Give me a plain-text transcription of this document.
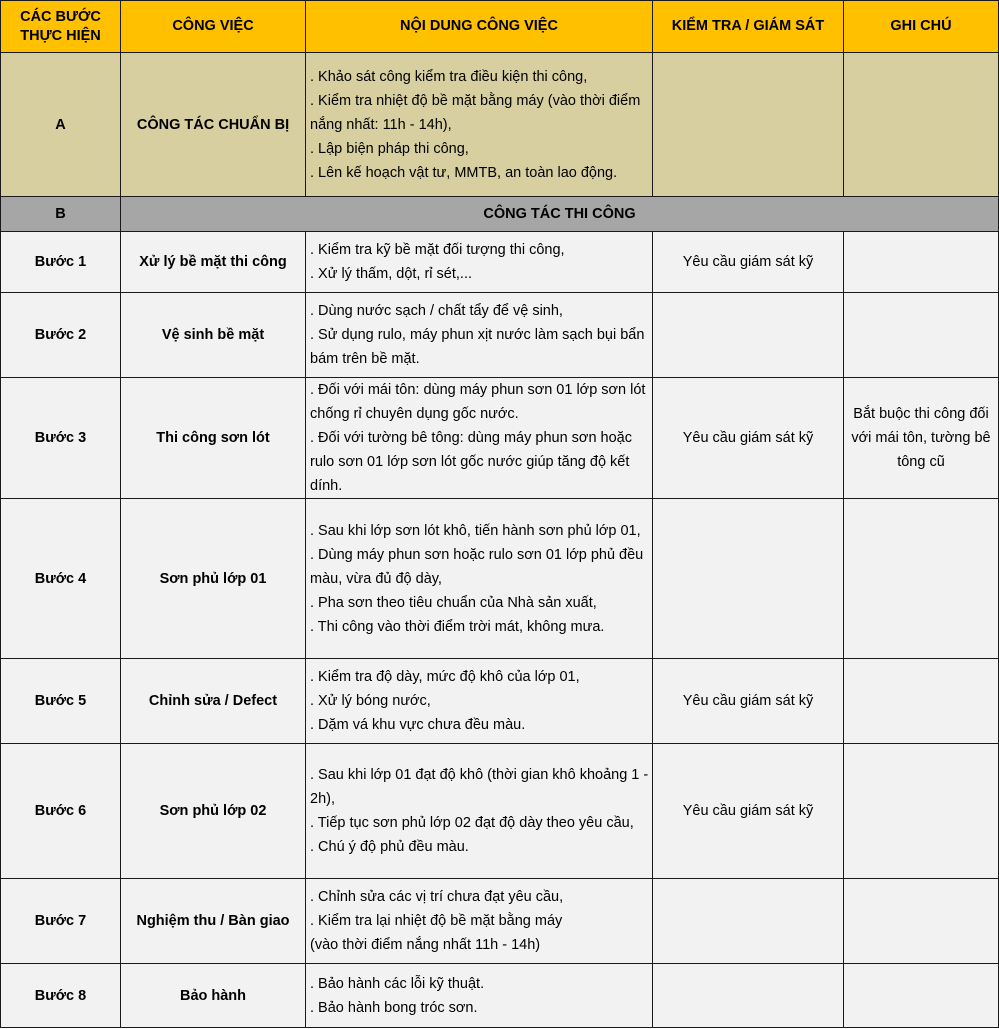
CÁC BƯỚC THỰC HIỆN	CÔNG VIỆC	NỘI DUNG CÔNG VIỆC	KIỂM TRA / GIÁM SÁT	GHI CHÚ
A	CÔNG TÁC CHUẨN BỊ	. Khảo sát công kiểm tra điều kiện thi công,
. Kiểm tra nhiệt độ bề mặt bằng máy (vào thời điểm nắng nhất: 11h - 14h),
. Lập biện pháp thi công,
. Lên kế hoạch vật tư, MMTB, an toàn lao động.		

B	CÔNG TÁC THI CÔNG			
Bước 1	Xử lý bề mặt thi công	. Kiểm tra kỹ bề mặt đối tượng thi công,
. Xử lý thấm, dột, rỉ sét,...	Yêu cầu giám sát kỹ	
Bước 2	Vệ sinh bề mặt	. Dùng nước sạch / chất tẩy để vệ sinh,
. Sử dụng rulo, máy phun xịt nước làm sạch bụi bẩn bám trên bề mặt.		

Bước 3	Thi công sơn lót	. Đối với mái tôn: dùng máy phun sơn 01 lớp sơn lót chống rỉ chuyên dụng gốc nước.
. Đối với tường bê tông: dùng máy phun sơn hoặc rulo sơn 01 lớp sơn lót gốc nước giúp tăng độ kết dính.	Yêu cầu giám sát kỹ	Bắt buộc thi công đối với mái tôn, tường bê tông cũ
Bước 4	Sơn phủ lớp 01	. Sau khi lớp sơn lót khô, tiến hành sơn phủ lớp 01,
. Dùng máy phun sơn hoặc rulo sơn 01 lớp phủ đều màu, vừa đủ độ dày,
. Pha sơn theo tiêu chuẩn của Nhà sản xuất,
. Thi công vào thời điểm trời mát, không mưa.		

Bước 5	Chỉnh sửa / Defect	. Kiểm tra độ dày, mức độ khô của lớp 01,
. Xử lý bóng nước,
. Dặm vá khu vực chưa đều màu.	Yêu cầu giám sát kỹ	
Bước 6	Sơn phủ lớp 02	. Sau khi lớp 01 đạt độ khô (thời gian khô khoảng 1 - 2h),
. Tiếp tục sơn phủ lớp 02 đạt độ dày theo yêu cầu,
. Chú ý độ phủ đều màu.	Yêu cầu giám sát kỹ	
Bước 7	Nghiệm thu / Bàn giao	. Chỉnh sửa các vị trí chưa đạt yêu cầu,
. Kiểm tra lại nhiệt độ bề mặt bằng máy
(vào thời điểm nắng nhất 11h - 14h)		

Bước 8	Bảo hành	. Bảo hành các lỗi kỹ thuật.
. Bảo hành bong tróc sơn.		
